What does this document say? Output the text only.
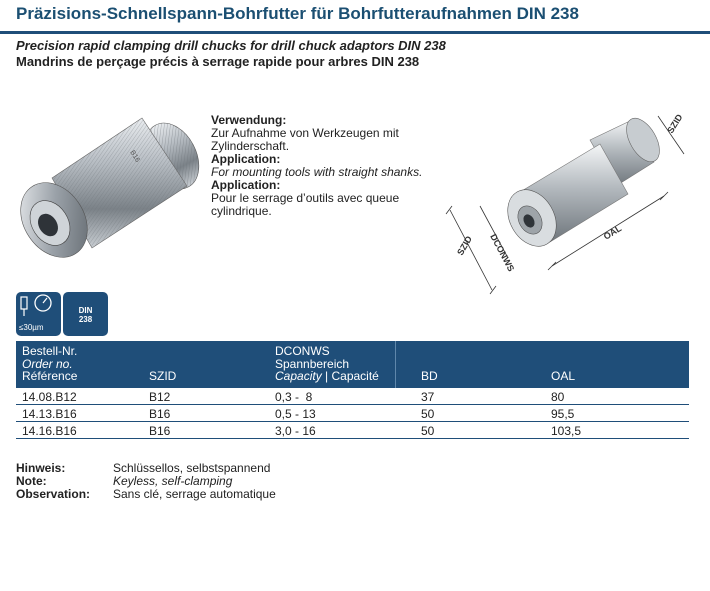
Präzisions-Schnellspann-Bohrfutter für Bohrfutteraufnahmen DIN 238
Precision rapid clamping drill chucks for drill chuck adaptors DIN 238
Mandrins de perçage précis à serrage rapide pour arbres DIN 238
B16
Verwendung:
Zur Aufnahme von Werkzeugen mit
Zylinderschaft.
Application:
For mounting tools with straight shanks.
Application:
Pour le serrage d’outils avec queue
cylindrique.
SZID DCONWS	OAL
SZID
≤30µm
DIN
238
Bestell-Nr.
Order no.
Référence	SZID
DCONWS
Spannbereich
Capacity | Capacité	BD	OAL
14.08.B12	B12	0,3 -  8	37	80
14.13.B16	B16	0,5 - 13	50	95,5
14.16.B16	B16	3,0 - 16	50	103,5
Hinweis:	Schlüssellos, selbstspannend
Note:	Keyless, self-clamping
Observation: Sans clé, serrage automatique
